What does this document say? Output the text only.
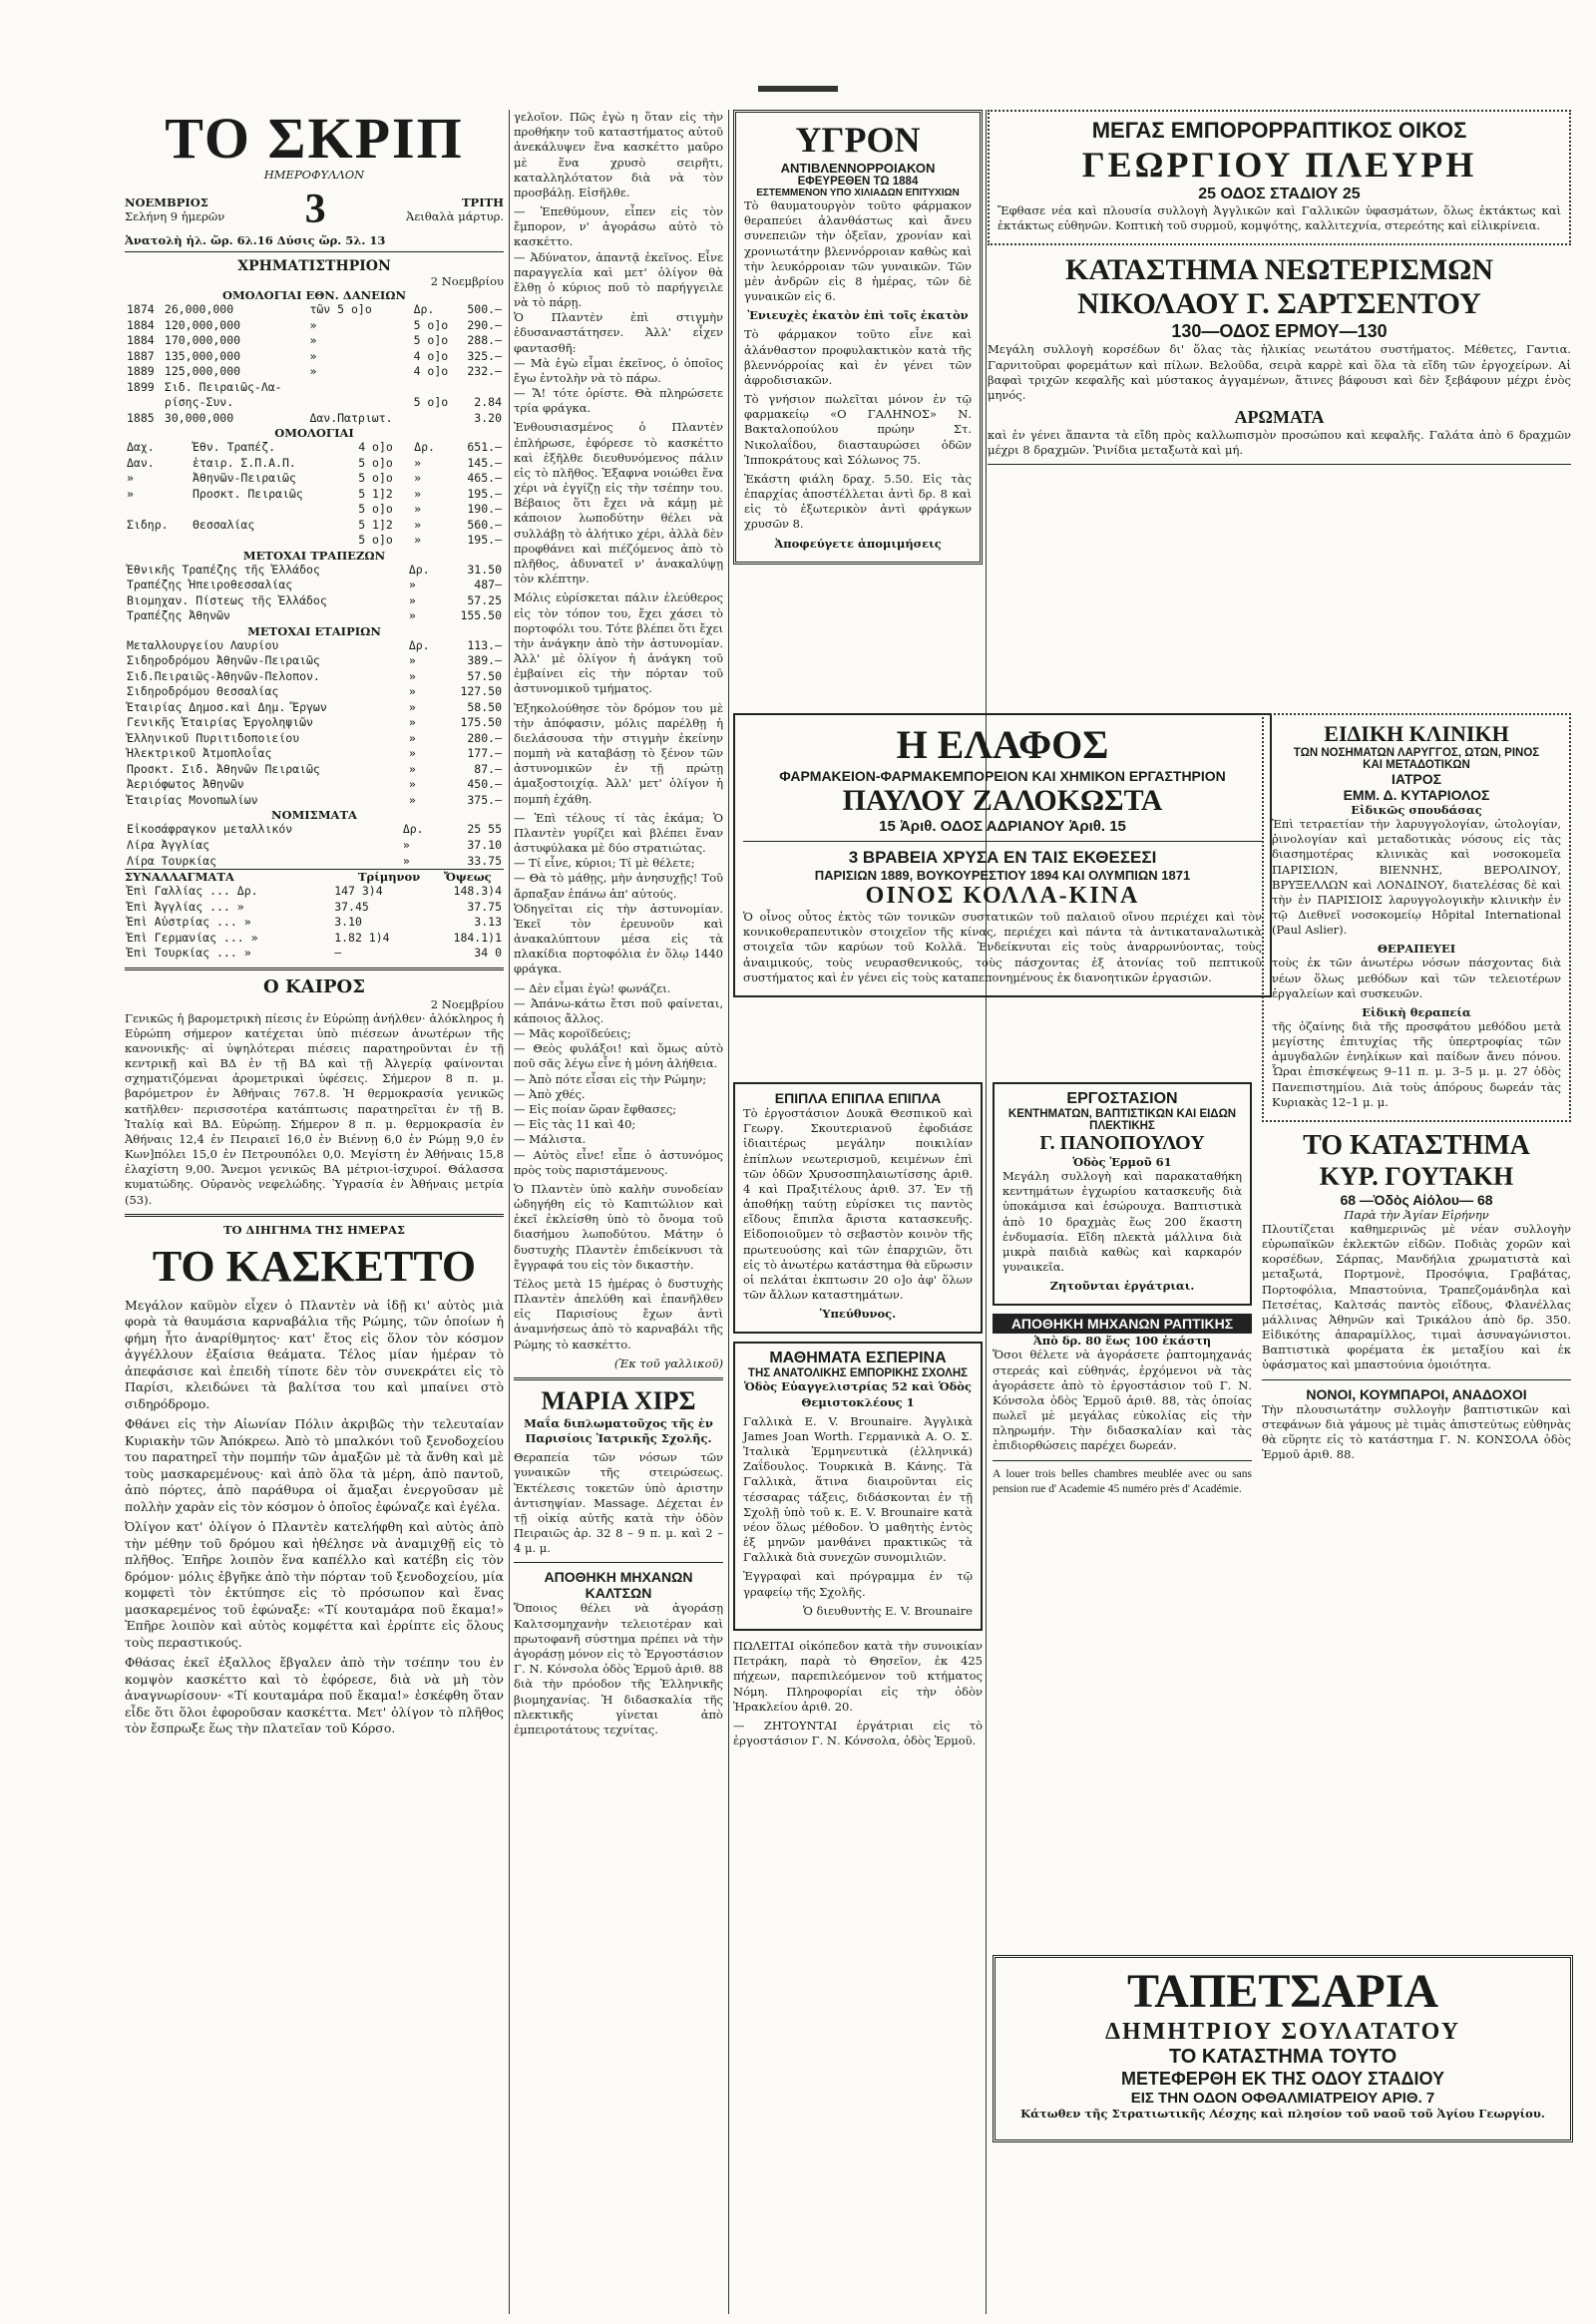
ΤΟ ΣΚΡΙΠ
ΗΜΕΡΟΦΥΛΛΟΝ
ΝΟΕΜΒΡΙΟΣ
Σελήνη 9 ἡμερῶν 3	ΤΡΙΤΗ
Ἀειθαλὰ μάρτυρ.
Ἀνατολὴ ἡλ. ὥρ. 6λ.16 Δύσις ὥρ. 5λ. 13
ΧΡΗΜΑΤΙΣΤΗΡΙΟΝ
2 Νοεμβρίου
ΟΜΟΛΟΓΙΑΙ ΕΘΝ. ΔΑΝΕΙΩΝ
1874	26,000,000	τῶν 5 ο]ο	Δρ.	500.—
1884	120,000,000	»	5 ο]ο	290.—
1884	170,000,000	»	5 ο]ο	288.—
1887	135,000,000	»	4 ο]ο	325.—
1889	125,000,000	»	4 ο]ο	232.—
1899	Σιδ. Πειραιῶς-Λα-			
	ρίσης-Συν.		5 ο]ο	2.84
1885	30,000,000	Δαν.Πατριωτ.		3.20
ΟΜΟΛΟΓΙΑΙ
Δαχ.	Ἐθν. Τραπέζ.	4 ο]ο	Δρ.	651.—
Δαν.	ἑταιρ. Σ.Π.Α.Π.	5 ο]ο	»	145.—
»	Ἀθηνῶν-Πειραιῶς	5 ο]ο	»	465.—
»	Προσκτ. Πειραιῶς	5 1]2	»	195.—
		5 ο]ο	»	190.—
Σιδηρ.	Θεσσαλίας	5 1]2	»	560.—
		5 ο]ο	»	195.—
ΜΕΤΟΧΑΙ ΤΡΑΠΕΖΩΝ
Ἐθνικῆς Τραπέζης τῆς Ἑλλάδος	Δρ.	31.50
Τραπέζης Ἠπειροθεσσαλίας	»	487—
Βιομηχαν. Πίστεως τῆς Ἑλλάδος	»	57.25
Τραπέζης Ἀθηνῶν	»	155.50
ΜΕΤΟΧΑΙ ΕΤΑΙΡΙΩΝ
Μεταλλουργείου Λαυρίου	Δρ.	113.—
Σιδηροδρόμου Ἀθηνῶν-Πειραιῶς	»	389.—
Σιδ.Πειραιῶς-Ἀθηνῶν-Πελοπον.	»	57.50
Σιδηροδρόμου Θεσσαλίας	»	127.50
Ἑταιρίας Δημοσ.καὶ Δημ. Ἔργων	»	58.50
Γενικῆς Ἑταιρίας Ἐργοληψιῶν	»	175.50
Ἑλληνικοῦ Πυριτιδοποιείου	»	280.—
Ἠλεκτρικοῦ Ἀτμοπλοΐας	»	177.—
Προσκτ. Σιδ. Ἀθηνῶν Πειραιῶς	»	87.—
Ἀεριόφωτος Ἀθηνῶν	»	450.—
Ἑταιρίας Μονοπωλίων	»	375.—
ΝΟΜΙΣΜΑΤΑ
Εἰκοσάφραγκον μεταλλικόν	Δρ.	25 55
Λίρα Ἀγγλίας	»	37.10
Λίρα Τουρκίας	»	33.75
ΣΥΝΑΛΛΑΓΜΑΤΑ	Τρίμηνον	Ὄψεως
Ἐπὶ Γαλλίας ... Δρ.	147 3)4	148.3)4
Ἐπὶ Ἀγγλίας ... »	37.45	37.75
Ἐπὶ Αὐστρίας ... »	3.10	3.13
Ἐπὶ Γερμανίας ... »	1.82 1)4	184.1)1
Ἐπὶ Τουρκίας ... »	—	34 0
Ο ΚΑΙΡΟΣ
2 Νοεμβρίου

Γενικῶς ἡ βαρομετρικὴ πίεσις ἐν Εὐρώπῃ ἀνήλθεν· ἀλόκληρος ἡ Εὐρώπη σήμερον κατέχεται ὑπὸ πιέσεων ἀνωτέρων τῆς κανονικῆς· αἱ ὑψηλότεραι πιέσεις παρατηροῦνται ἐν τῇ κεντρικῇ καὶ ΒΔ ἐν τῇ ΒΔ καὶ τῇ Ἀλγερίᾳ φαίνονται σχηματιζόμεναι ἀρομετρικαὶ ὑφέσεις. Σήμερον 8 π. μ. βαρόμετρον ἐν Ἀθήναις 767.8. Ἡ θερμοκρασία γενικῶς κατῆλθεν· περισσοτέρα κατάπτωσις παρατηρεῖται ἐν τῇ Β. Ἰταλίᾳ καὶ ΒΔ. Εὐρώπῃ. Σήμερον 8 π. μ. θερμοκρασία ἐν Ἀθήναις 12,4 ἐν Πειραιεῖ 16,0 ἐν Βιέννῃ 6,0 ἐν Ρώμῃ 9,0 ἐν Κων]πόλει 15,0 ἐν Πετρουπόλει 0,0. Μεγίστη ἐν Ἀθήναις 15,8 ἐλαχίστη 9,00. Ἄνεμοι γενικῶς ΒΑ μέτριοι-ἰσχυροί. Θάλασσα κυματώδης. Οὐρανὸς νεφελώδης. Ὑγρασία ἐν Ἀθήναις μετρία (53).

ΤΟ ΔΙΗΓΗΜΑ ΤΗΣ ΗΜΕΡΑΣ
ΤΟ ΚΑΣΚΕΤΤΟ

Μεγάλον καϋμὸν εἶχεν ὁ Πλαντὲν νὰ ἰδῇ κι' αὐτὸς μιὰ φορὰ τὰ θαυμάσια καρναβάλια τῆς Ρώμης, τῶν ὁποίων ἡ φήμη ἦτο ἀναρίθμητος· κατ' ἔτος εἰς ὅλον τὸν κόσμον ἀγγέλλουν ἐξαίσια θεάματα. Τέλος μίαν ἡμέραν τὸ ἀπεφάσισε καὶ ἐπειδὴ τίποτε δὲν τὸν συνεκράτει εἰς τὸ Παρίσι, κλειδώνει τὰ βαλίτσα του καὶ μπαίνει στὸ σιδηρόδρομο.

Φθάνει εἰς τὴν Αἰωνίαν Πόλιν ἀκριβῶς τὴν τελευταίαν Κυριακὴν τῶν Ἀπόκρεω. Ἀπὸ τὸ μπαλκόνι τοῦ ξενοδοχείου του παρατηρεῖ τὴν πομπήν τῶν ἁμαξῶν μὲ τὰ ἄνθη καὶ μὲ τοὺς μασκαρεμένους· καὶ ἀπὸ ὅλα τὰ μέρη, ἀπὸ παντοῦ, ἀπὸ πόρτες, ἀπὸ παράθυρα οἱ ἄμαξαι ἐνεργοῦσαν μὲ πολλὴν χαρὰν εἰς τὸν κόσμον ὁ ὁποῖος ἐφώναζε καὶ ἐγέλα.

Ὀλίγον κατ' ὀλίγον ὁ Πλαντὲν κατελήφθη καὶ αὐτὸς ἀπὸ τὴν μέθην τοῦ δρόμου καὶ ἠθέλησε νὰ ἀναμιχθῇ εἰς τὸ πλῆθος. Ἐπῆρε λοιπὸν ἕνα καπέλλο καὶ κατέβη εἰς τὸν δρόμον· μόλις ἐβγῆκε ἀπὸ τὴν πόρταν τοῦ ξενοδοχείου, μία κομφετὶ τὸν ἐκτύπησε εἰς τὸ πρόσωπον καὶ ἕνας μασκαρεμένος τοῦ ἐφώναξε: «Τί κουταμάρα ποῦ ἔκαμα!» Ἐπῆρε λοιπὸν καὶ αὐτὸς κομφέττα καὶ ἐρρίπτε εἰς ὅλους τοὺς περαστικούς.

Φθάσας ἐκεῖ ἐξαλλος ἔβγαλεν ἀπὸ τὴν τσέπην του ἐν κομψὸν κασκέττο καὶ τὸ ἐφόρεσε, διὰ νὰ μὴ τὸν ἀναγνωρίσουν· «Τί κουταμάρα ποῦ ἔκαμα!» ἐσκέφθη ὅταν εἶδε ὅτι ὅλοι ἐφοροῦσαν κασκέττα. Μετ' ὀλίγον τὸ πλῆθος τὸν ἔσπρωξε ἕως τὴν πλατεῖαν τοῦ Κόρσο.

γελοῖον. Πῶς ἐγὼ η ὅταν εἰς τὴν προθήκην τοῦ καταστήματος αὐτοῦ ἀνεκάλυψεν ἕνα κασκέττο μαῦρο μὲ ἕνα χρυσὸ σειρῆτι, καταλληλότατον διὰ νὰ τὸν προσβάλῃ. Εἰσῆλθε.

— Ἐπεθύμουν, εἶπεν εἰς τὸν ἔμπορον, ν' ἀγοράσω αὐτὸ τὸ κασκέττο.
— Ἀδύνατον, ἀπαντᾷ ἐκεῖνος. Εἶνε παραγγελία καὶ μετ' ὀλίγον θὰ ἔλθῃ ὁ κύριος ποῦ τὸ παρήγγειλε νὰ τὸ πάρῃ.
Ὁ Πλαντὲν ἐπὶ στιγμὴν ἐδυσαναστάτησεν. Ἀλλ' εἶχεν φαντασθῆ:
— Μὰ ἐγὼ εἶμαι ἐκεῖνος, ὁ ὁποῖος ἔγω ἐντολὴν νὰ τὸ πάρω.
— Ἅ! τότε ὁρίστε. Θὰ πληρώσετε τρία φράγκα.

Ἐνθουσιασμένος ὁ Πλαντὲν ἐπλήρωσε, ἐφόρεσε τὸ κασκέττο καὶ ἐξῆλθε διευθυνόμενος πάλιν εἰς τὸ πλῆθος. Ἐξαφνα νοιώθει ἕνα χέρι νὰ ἐγγίζῃ εἰς τὴν τσέπην του. Βέβαιος ὅτι ἔχει νὰ κάμῃ μὲ κάποιον λωποδύτην θέλει νὰ συλλάβῃ τὸ ἀλήτικο χέρι, ἀλλὰ δὲν προφθάνει καὶ πιέζόμενος ἀπὸ τὸ πλῆθος, ἀδυνατεῖ ν' ἀνακαλύψῃ τὸν κλέπτην.

Μόλις εὐρίσκεται πάλιν ἐλεύθερος εἰς τὸν τόπον του, ἔχει χάσει τὸ πορτοφόλι του. Τότε βλέπει ὅτι ἔχει τὴν ἀνάγκην ἀπὸ τὴν ἀστυνομίαν. Ἀλλ' μὲ ὀλίγον ἡ ἀνάγκη τοῦ ἐμβαίνει εἰς τὴν πόρταν τοῦ ἀστυνομικοῦ τμήματος.

Ἐξηκολούθησε τὸν δρόμον του μὲ τὴν ἀπόφασιν, μόλις παρέλθῃ ἡ διελάσουσα τὴν στιγμὴν ἐκείνην πομπὴ νὰ καταβάσῃ τὸ ξένον τῶν ἀστυνομικῶν ἐν τῇ πρώτῃ ἁμαξοστοιχίᾳ. Ἀλλ' μετ' ὀλίγον ἡ πομπὴ ἐχάθη.

— Ἐπὶ τέλους τί τὰς ἐκάμα; Ὁ Πλαντὲν γυρίζει καὶ βλέπει ἕναν ἀστυφύλακα μὲ δύο στρατιώτας.
— Τί εἶνε, κύριοι; Τί μὲ θέλετε;
— Θὰ τὸ μάθῃς, μὴν ἀνησυχῇς! Τοῦ ἄρπαξαν ἐπάνω ἀπ' αὐτούς.
Ὁδηγεῖται εἰς τὴν ἀστυνομίαν. Ἐκεῖ τὸν ἐρευνοῦν καὶ ἀνακαλύπτουν μέσα εἰς τὰ πλακίδια πορτοφόλια ἐν ὅλῳ 1440 φράγκα.

— Δὲν εἶμαι ἐγὼ! φωνάζει.
— Ἀπάνω-κάτω ἔτσι ποῦ φαίνεται, κάποιος ἄλλος.
— Μᾶς κοροϊδεύεις;
— Θεὸς φυλάξοι! καὶ ὅμως αὐτὸ ποῦ σᾶς λέγω εἶνε ἡ μόνη ἀλήθεια.
— Ἀπὸ πότε εἶσαι εἰς τὴν Ρώμην;
— Ἀπὸ χθές.
— Εἰς ποίαν ὥραν ἔφθασες;
— Εἰς τὰς 11 καὶ 40;
— Μάλιστα.
— Αὐτὸς εἶνε! εἶπε ὁ ἀστυνόμος πρὸς τοὺς παριστάμενους.

Ὁ Πλαντὲν ὑπὸ καλὴν συνοδείαν ὡδηγήθη εἰς τὸ Καπιτώλιον καὶ ἐκεῖ ἐκλείσθη ὑπὸ τὸ ὄνομα τοῦ διασήμου λωποδύτου. Μάτην ὁ δυστυχὴς Πλαντὲν ἐπιδείκνυσι τὰ ἔγγραφά του εἰς τὸν δικαστὴν.

Τέλος μετὰ 15 ἡμέρας ὁ δυστυχὴς Πλαντὲν ἀπελύθη καὶ ἐπανῆλθεν εἰς Παρισίους ἔχων ἀντὶ ἀναμνήσεως ἀπὸ τὸ καρναβάλι τῆς Ρώμης τὸ κασκέττο.

(Ἐκ τοῦ γαλλικοῦ)

ΜΑΡΙΑ ΧΙΡΣ

Μαΐα διπλωματοῦχος τῆς ἐν Παρισίοις Ἰατρικῆς Σχολῆς.

Θεραπεία τῶν νόσων τῶν γυναικῶν τῆς στειρώσεως. Ἐκτέλεσις τοκετῶν ὑπὸ ἀριστην ἀντισηψίαν. Massage. Δέχεται ἐν τῇ οἰκίᾳ αὐτῆς κατὰ τὴν ὁδὸν Πειραιῶς ἀρ. 32 8 – 9 π. μ. καὶ 2 – 4 μ. μ.

ΑΠΟΘΗΚΗ ΜΗΧΑΝΩΝ ΚΑΛΤΣΩΝ

Ὅποιος θέλει νὰ ἀγοράσῃ Καλτσομηχανὴν τελειοτέραν καὶ πρωτοφανῆ σύστημα πρέπει νὰ τὴν ἀγοράσῃ μόνον εἰς τὸ Ἐργοστάσιον Γ. Ν. Κόνσολα ὁδὸς Ἑρμοῦ ἀριθ. 88 διὰ τὴν πρόοδον τῆς Ἑλληνικῆς βιομηχανίας. Ἡ διδασκαλία τῆς πλεκτικῆς γίνεται ἀπὸ ἐμπειροτάτους τεχνίτας.

ΥΓΡΟΝ
ΑΝΤΙΒΛΕΝΝΟΡΡΟΙΑΚΟΝ
ΕΦΕΥΡΕΘΕΝ ΤΩ 1884
ΕΣΤΕΜΜΕΝΟΝ ΥΠΟ ΧΙΛΙΑΔΩΝ ΕΠΙΤΥΧΙΩΝ

Τὸ θαυματουργὸν τοῦτο φάρμακον θεραπεύει ἀλανθάστως καὶ ἄνευ συνεπειῶν τὴν ὀξεῖαν, χρονίαν καὶ χρονιωτάτην βλεννόρροιαν καθὼς καὶ τὴν λευκόρροιαν τῶν γυναικῶν. Τῶν μὲν ἀνδρῶν εἰς 8 ἡμέρας, τῶν δὲ γυναικῶν εἰς 6.

Ἐνιευχὲς ἑκατὸν ἐπὶ τοῖς ἑκατὸν

Τὸ φάρμακον τοῦτο εἶνε καὶ ἀλάνθαστον προφυλακτικὸν κατὰ τῆς βλεννόρροίας καὶ ἐν γένει τῶν ἀφροδισιακῶν.

Τὸ γνήσιον πωλεῖται μόνον ἐν τῷ φαρμακείῳ «Ο ΓΑΛΗΝΟΣ» Ν. Βακταλοπούλου πρώην Στ. Νικολαΐδου, διασταυρώσει ὁδῶν Ἱπποκράτους καὶ Σόλωνος 75.

Ἐκάστη φιάλη δραχ. 5.50. Εἰς τὰς ἐπαρχίας ἀποστέλλεται ἀντὶ δρ. 8 καὶ εἰς τὸ ἐξωτερικὸν ἀντὶ φράγκων χρυσῶν 8.

Ἀποφεύγετε ἀπομιμήσεις

Η ΕΛΑΦΟΣ
ΦΑΡΜΑΚΕΙΟΝ-ΦΑΡΜΑΚΕΜΠΟΡΕΙΟΝ ΚΑΙ ΧΗΜΙΚΟΝ ΕΡΓΑΣΤΗΡΙΟΝ
ΠΑΥΛΟΥ ΖΑΛΟΚΩΣΤΑ
15 Ἀριθ. ΟΔΟΣ ΑΔΡΙΑΝΟΥ Ἀριθ. 15
3 ΒΡΑΒΕΙΑ ΧΡΥΣΑ ΕΝ ΤΑΙΣ ΕΚΘΕΣΕΣΙ
ΠΑΡΙΣΙΩΝ 1889, ΒΟΥΚΟΥΡΕΣΤΙΟΥ 1894 ΚΑΙ ΟΛΥΜΠΙΩΝ 1871
ΟΙΝΟΣ ΚΟΛΛΑ-ΚΙΝΑ

Ὁ οἶνος οὗτος ἐκτὸς τῶν τονικῶν συστατικῶν τοῦ παλαιοῦ οἴνου περιέχει καὶ τὸν κονικοθεραπευτικὸν στοιχεῖον τῆς κίνας, περιέχει καὶ πάντα τὰ ἀντικαταναλωτικὰ στοιχεῖα τῶν καρύων τοῦ Κολλᾶ. Ἐνδείκνυται εἰς τοὺς ἀναρρωνύοντας, τοὺς ἀναιμικούς, τοὺς νευρασθενικούς, τοὺς πάσχοντας ἐξ ἀτονίας τοῦ πεπτικοῦ συστήματος καὶ ἐν γένει εἰς τοὺς καταπεπονημένους ἐκ διανοητικῶν ἐργασιῶν.

ΕΠΙΠΛΑ ΕΠΙΠΛΑ ΕΠΙΠΛΑ

Τὸ ἐργοστάσιον Δουκᾶ Θεσπικοῦ καὶ Γεωργ. Σκουτεριανοῦ ἐφοδιάσε ἰδιαιτέρως μεγάλην ποικιλίαν ἐπίπλων νεωτερισμοῦ, κειμένων ἐπὶ τῶν ὁδῶν Χρυσοσπηλαιωτίσσης ἀριθ. 4 καὶ Πραξιτέλους ἀριθ. 37. Ἐν τῇ ἀποθήκῃ ταύτῃ εὑρίσκει τις παντὸς εἴδους ἔπιπλα ἄριστα κατασκευῆς. Εἰδοποιοῦμεν τὸ σεβαστὸν κοινὸν τῆς πρωτευούσης καὶ τῶν ἐπαρχιῶν, ὅτι εἰς τὸ ἀνωτέρω κατάστημα θὰ εὕρωσιν οἱ πελάται ἐκπτωσιν 20 ο]ο ἀφ' ὅλων τῶν ἄλλων καταστημάτων.

Ὑπεύθυνος.

ΜΑΘΗΜΑΤΑ ΕΣΠΕΡΙΝΑ
ΤΗΣ ΑΝΑΤΟΛΙΚΗΣ ΕΜΠΟΡΙΚΗΣ ΣΧΟΛΗΣ

Ὁδὸς Εὐαγγελιστρίας 52 καὶ Ὁδὸς Θεμιστοκλέους 1

Γαλλικὰ Ε. V. Brounaire. Ἀγγλικὰ James Joan Worth. Γερμανικὰ Α. Ο. Σ. Ἰταλικὰ Ἑρμηνευτικὰ (ἑλληνικά) Ζαΐδουλος. Τουρκικὰ Β. Κάνης. Τὰ Γαλλικὰ, ἅτινα διαιροῦνται εἰς τέσσαρας τάξεις, διδάσκονται ἐν τῇ Σχολῇ ὑπὸ τοῦ κ. Ε. V. Brounaire κατὰ νέον ὅλως μέθοδον. Ὁ μαθητὴς ἐντὸς ἐξ μηνῶν μανθάνει πρακτικῶς τὰ Γαλλικὰ διὰ συνεχῶν συνομιλιῶν.

Ἐγγραφαὶ καὶ πρόγραμμα ἐν τῷ γραφείῳ τῆς Σχολῆς.

Ὁ διευθυντὴς Ε. V. Brounaire

ΠΩΛΕΙΤΑΙ οἰκόπεδον κατὰ τὴν συνοικίαν Πετράκη, παρὰ τὸ Θησεῖον, ἐκ 425 πήχεων, παρεπιλεόμενον τοῦ κτήματος Νόμη. Πληροφορίαι εἰς τὴν ὁδὸν Ἡρακλείου ἀριθ. 20.

— ΖΗΤΟΥΝΤΑΙ ἐργάτριαι εἰς τὸ ἐργοστάσιον Γ. Ν. Κόνσολα, ὁδὸς Ἑρμοῦ.

ΜΕΓΑΣ ΕΜΠΟΡΟΡΡΑΠΤΙΚΟΣ ΟΙΚΟΣ
ΓΕΩΡΓΙΟΥ ΠΛΕΥΡΗ
25 ΟΔΟΣ ΣΤΑΔΙΟΥ 25

Ἔφθασε νέα καὶ πλουσία συλλογὴ Ἀγγλικῶν καὶ Γαλλικῶν ὑφασμάτων, ὅλως ἐκτάκτως καὶ ἐκτάκτως εὐθηνῶν. Κοπτικὴ τοῦ συρμοῦ, κομψότης, καλλιτεχνία, στερεότης καὶ εἰλικρίνεια.

ΚΑΤΑΣΤΗΜΑ ΝΕΩΤΕΡΙΣΜΩΝ
ΝΙΚΟΛΑΟΥ Γ. ΣΑΡΤΣΕΝΤΟΥ
130—ΟΔΟΣ ΕΡΜΟΥ—130

Μεγάλη συλλογὴ κορσέδων δι' ὅλας τὰς ἡλικίας νεωτάτου συστήματος. Μέθετες, Γαντια. Γαρνιτοῦραι φορεμάτων καὶ πίλων. Βελοῦδα, σειρὰ καρρὲ καὶ ὅλα τὰ εἴδη τῶν ἐργοχείρων. Αἱ βαφαὶ τριχῶν κεφαλῆς καὶ μύστακος ἁγγαμένων, ἅτινες βάφουσι καὶ δὲν ξεβάφουν μέχρι ἑνὸς μηνός.

ΑΡΩΜΑΤΑ

καὶ ἐν γένει ἅπαντα τὰ εἴδη πρὸς καλλωπισμὸν προσώπου καὶ κεφαλῆς. Γαλάτα ἀπὸ 6 δραχμῶν μέχρι 8 δραχμῶν. Ῥινίδια μεταξωτὰ καὶ μή.

ΕΙΔΙΚΗ ΚΛΙΝΙΚΗ
ΤΩΝ ΝΟΣΗΜΑΤΩΝ ΛΑΡΥΓΓΟΣ, ΩΤΩΝ, ΡΙΝΟΣ
ΚΑΙ ΜΕΤΑΔΟΤΙΚΩΝ
ΙΑΤΡΟΣ
ΕΜΜ. Δ. ΚΥΤΑΡΙΟΛΟΣ
Εἰδικῶς σπουδάσας

Ἐπὶ τετραετίαν τὴν λαρυγγολογίαν, ὠτολογίαν, ῥινολογίαν καὶ μεταδοτικὰς νόσους εἰς τὰς διασημοτέρας κλινικὰς καὶ νοσοκομεῖα ΠΑΡΙΣΙΩΝ, ΒΙΕΝΝΗΣ, ΒΕΡΟΛΙΝΟΥ, ΒΡΥΞΕΛΛΩΝ καὶ ΛΟΝΔΙΝΟΥ, διατελέσας δὲ καὶ τὴν ἐν ΠΑΡΙΣΙΟΙΣ λαρυγγολογικὴν κλινικὴν ἐν τῷ Διεθνεῖ νοσοκομείῳ Hôpital International (Paul Aslier).

ΘΕΡΑΠΕΥΕΙ

τοὺς ἐκ τῶν ἀνωτέρω νόσων πάσχοντας διὰ νέων ὅλως μεθόδων καὶ τῶν τελειοτέρων ἐργαλείων καὶ συσκευῶν.

Εἰδικὴ θεραπεία

τῆς ὀζαίνης διὰ τῆς προσφάτου μεθόδου μετὰ μεγίστης ἐπιτυχίας τῆς ὑπερτροφίας τῶν ἀμυγδαλῶν ἐνηλίκων καὶ παίδων ἄνευ πόνου. Ὧραι ἐπισκέψεως 9–11 π. μ. 3–5 μ. μ. 27 ὁδὸς Πανεπιστημίου. Διὰ τοὺς ἀπόρους δωρεάν τὰς Κυριακὰς 12–1 μ. μ.

ΤΟ ΚΑΤΑΣΤΗΜΑ
ΚΥΡ. ΓΟΥΤΑΚΗ
68 —Ὁδὸς Αἰόλου— 68
Παρὰ τὴν Ἁγίαν Εἰρήνην

Πλουτίζεται καθημερινῶς μὲ νέαν συλλογὴν εὐρωπαϊκῶν ἐκλεκτῶν εἰδῶν. Ποδιὰς χορῶν καὶ κορσέδων, Σάρπας, Μανδήλια χρωματιστὰ καὶ μεταξωτά, Πορτμονὲ, Προσόψια, Γραβάτας, Πορτοφόλια, Μπαστούνια, Τραπεζομάνδηλα καὶ Πετσέτας, Καλτσάς παντὸς εἴδους, Φλανέλλας μάλλινας Ἀθηνῶν καὶ Τρικάλου ἀπὸ δρ. 350. Εἰδικότης ἀπαραμίλλος, τιμαὶ ἀσυναγώνιστοι. Βαπτιστικὰ φορέματα ἐκ μεταξίου καὶ ἐκ ὑφάσματος καὶ μπαστούνια ὁμοιότητα.

ΝΟΝΟΙ, ΚΟΥΜΠΑΡΟΙ, ΑΝΑΔΟΧΟΙ

Τὴν πλουσιωτάτην συλλογὴν βαπτιστικῶν καὶ στεφάνων διὰ γάμους μὲ τιμὰς ἀπιστεύτως εὐθηνὰς θὰ εὕρητε εἰς τὸ κατάστημα Γ. Ν. ΚΟΝΣΟΛΑ ὁδὸς Ἑρμοῦ ἀριθ. 88.

ΕΡΓΟΣΤΑΣΙΟΝ
ΚΕΝΤΗΜΑΤΩΝ, ΒΑΠΤΙΣΤΙΚΩΝ ΚΑΙ ΕΙΔΩΝ ΠΛΕΚΤΙΚΗΣ
Γ. ΠΑΝΟΠΟΥΛΟΥ
Ὁδὸς Ἑρμοῦ 61

Μεγάλη συλλογὴ καὶ παρακαταθήκη κεντημάτων ἐγχωρίου κατασκευῆς διὰ ὑποκάμισα καὶ ἐσώρουχα. Βαπτιστικὰ ἀπὸ 10 δραχμὰς ἕως 200 ἕκαστη ἐνδυμασία. Εἴδη πλεκτὰ μάλλινα διὰ μικρὰ παιδιὰ καθὼς καὶ καρκαρόν γυναικεῖα.

Ζητοῦνται ἐργάτριαι.

ΑΠΟΘΗΚΗ ΜΗΧΑΝΩΝ ΡΑΠΤΙΚΗΣ
Ἀπὸ δρ. 80 ἕως 100 ἑκάστη

Ὅσοι θέλετε νὰ ἀγοράσετε ῥαπτομηχανάς στερεάς καὶ εὐθηνάς, ἐρχόμενοι νὰ τὰς ἀγοράσετε ἀπὸ τὸ ἐργοστάσιον τοῦ Γ. Ν. Κόνσολα ὁδὸς Ἑρμοῦ ἀριθ. 88, τὰς ὁποίας πωλεῖ μὲ μεγάλας εὐκολίας εἰς τὴν πληρωμήν. Τὴν διδασκαλίαν καὶ τὰς ἐπιδιορθώσεις παρέχει δωρεάν.

A louer trois belles chambres meublée avec ou sans pension rue d' Academie 45 numéro près d' Académie.

ΤΑΠΕΤΣΑΡΙΑ
ΔΗΜΗΤΡΙΟΥ ΣΟΥΛΑΤΑΤΟΥ
ΤΟ ΚΑΤΑΣΤΗΜΑ ΤΟΥΤΟ
ΜΕΤΕΦΕΡΘΗ ΕΚ ΤΗΣ ΟΔΟΥ ΣΤΑΔΙΟΥ
ΕΙΣ ΤΗΝ ΟΔΟΝ ΟΦΘΑΛΜΙΑΤΡΕΙΟΥ ΑΡΙΘ. 7
Κάτωθεν τῆς Στρατιωτικῆς Λέσχης καὶ πλησίον τοῦ ναοῦ τοῦ Ἁγίου Γεωργίου.
